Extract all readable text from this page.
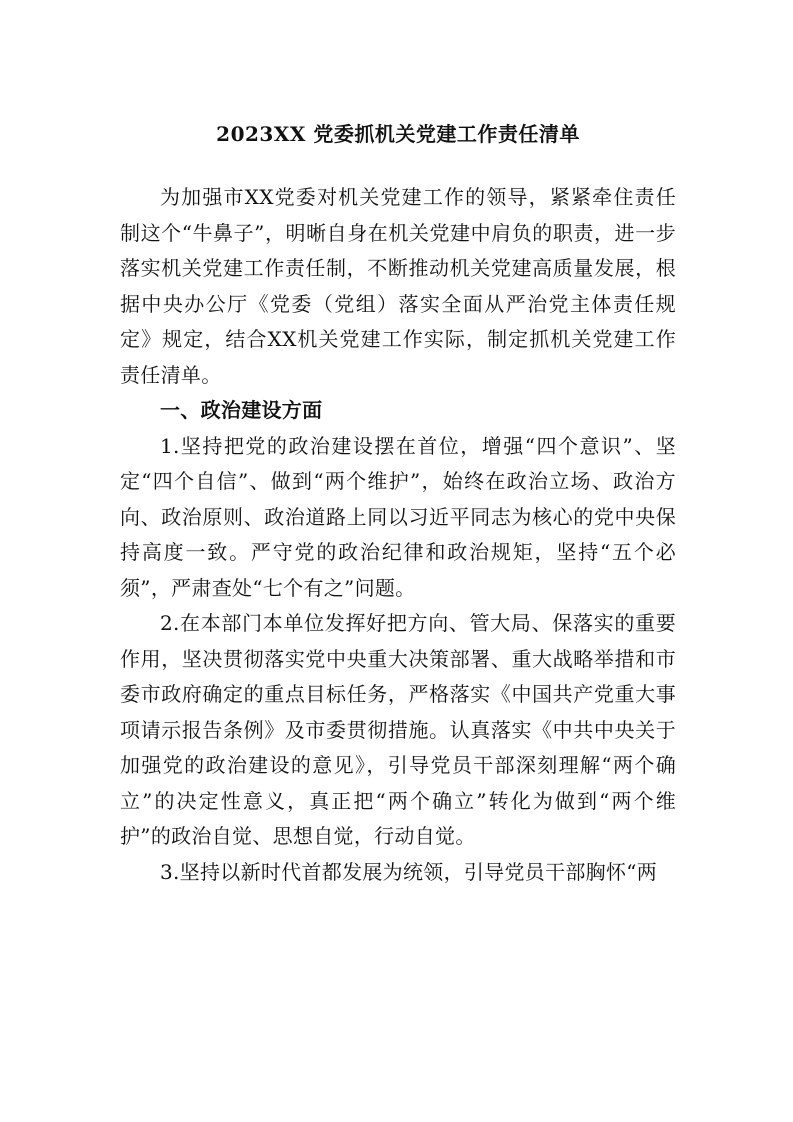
2023XX 党委抓机关党建工作责任清单

为加强市XX党委对机关党建工作的领导，紧紧牵住责任制这个“牛鼻子”，明晰自身在机关党建中肩负的职责，进一步落实机关党建工作责任制，不断推动机关党建高质量发展，根据中央办公厅《党委（党组）落实全面从严治党主体责任规定》规定，结合XX机关党建工作实际，制定抓机关党建工作责任清单。

一、政治建设方面

1.坚持把党的政治建设摆在首位，增强“四个意识”、坚定“四个自信”、做到“两个维护”，始终在政治立场、政治方向、政治原则、政治道路上同以习近平同志为核心的党中央保持高度一致。严守党的政治纪律和政治规矩，坚持“五个必须”，严肃查处“七个有之”问题。

2.在本部门本单位发挥好把方向、管大局、保落实的重要作用，坚决贯彻落实党中央重大决策部署、重大战略举措和市委市政府确定的重点目标任务，严格落实《中国共产党重大事项请示报告条例》及市委贯彻措施。认真落实《中共中央关于加强党的政治建设的意见》，引导党员干部深刻理解“两个确立”的决定性意义，真正把“两个确立”转化为做到“两个维护”的政治自觉、思想自觉，行动自觉。

3.坚持以新时代首都发展为统领，引导党员干部胸怀“两
